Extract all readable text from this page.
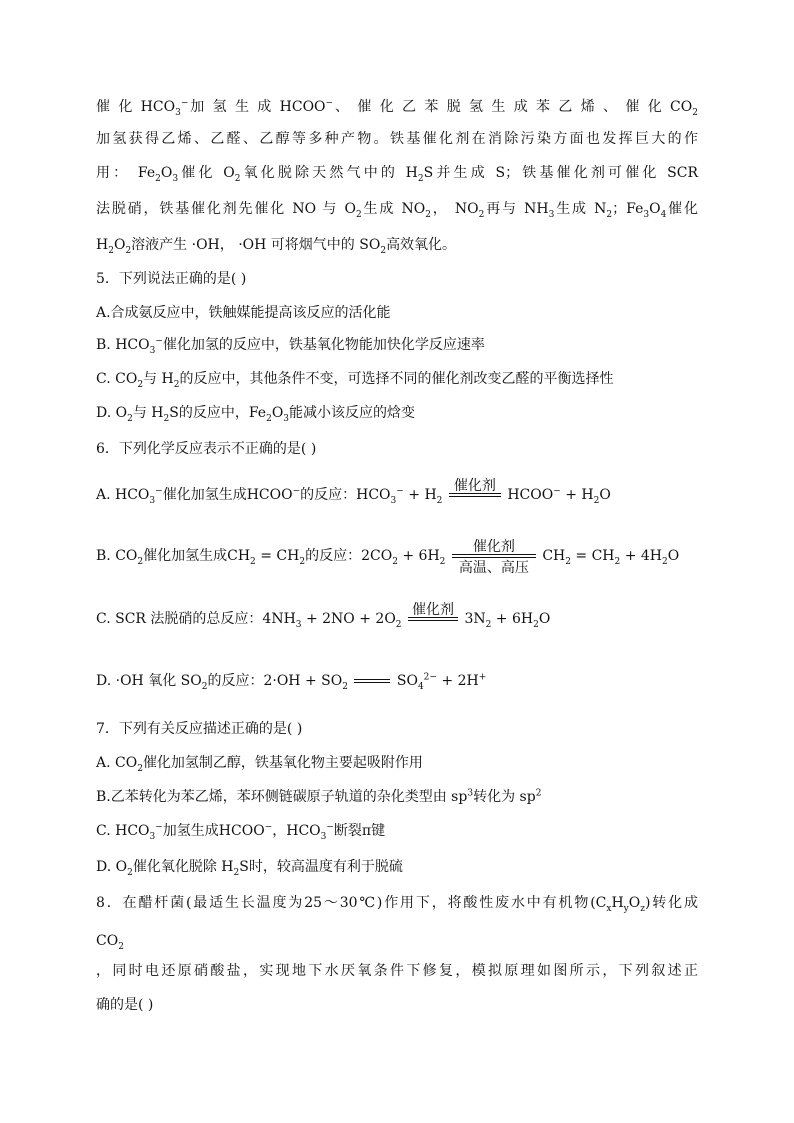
催 化 $HCO_3^-$加 氢 生 成 HCOO−、 催 化 乙 苯 脱 氢 生 成 苯 乙 烯 、 催 化 $CO_2$
加氢获得乙烯、乙醛、乙醇等多种产物。铁基催化剂在消除污染方面也发挥巨大的作
用： $Fe_2O_3$催化 $O_2$氧化脱除天然气中的 $H_2S$并生成 S；铁基催化剂可催化 SCR
法脱硝，铁基催化剂先催化 NO 与 $O_2$生成 $NO_2$， $NO_2$再与 $NH_3$生成 $N_2$；$Fe_3O_4$催化
$H_2O_2$溶液产生 ·OH， ·OH 可将烟气中的 $SO_2$高效氧化。
5．下列说法正确的是( )
A.合成氨反应中，铁触媒能提高该反应的活化能
B. $HCO_3^-$催化加氢的反应中，铁基氧化物能加快化学反应速率
C. $CO_2$与 $H_2$的反应中，其他条件不变，可选择不同的催化剂改变乙醛的平衡选择性
D. $O_2$与 $H_2S$的反应中，$Fe_2O_3$能减小该反应的焓变
6．下列化学反应表示不正确的是( )
A. $HCO_3^-$催化加氢生成HCOO−的反应：$HCO_3^- + H_2$
催化剂
HCOO− + $H_2O$
B. $CO_2$催化加氢生成$CH_2 = CH_2$的反应：$2CO_2 + 6H_2$
催化剂
高温、高压
$CH_2 = CH_2 + 4H_2O$
C. SCR 法脱硝的总反应：$4NH_3 + 2NO + 2O_2$
催化剂
$3N_2 + 6H_2O$
D. ·OH 氧化 $SO_2$的反应：$2\cdot OH + SO_2$	$SO_4^{2-} + 2H^+$
7．下列有关反应描述正确的是( )
A. $CO_2$催化加氢制乙醇，铁基氧化物主要起吸附作用
B.乙苯转化为苯乙烯，苯环侧链碳原子轨道的杂化类型由 $sp^3$转化为 $sp^2$
C. $HCO_3^-$加氢生成HCOO−，$HCO_3^-$断裂π键
D. $O_2$催化氧化脱除 $H_2S$时，较高温度有利于脱硫
8．在醋杆菌(最适生长温度为25～30℃)作用下，将酸性废水中有机物$(C_xH_yO_z)$转化成
$CO_2$
，同时电还原硝酸盐，实现地下水厌氧条件下修复，模拟原理如图所示，下列叙述正
确的是( )
